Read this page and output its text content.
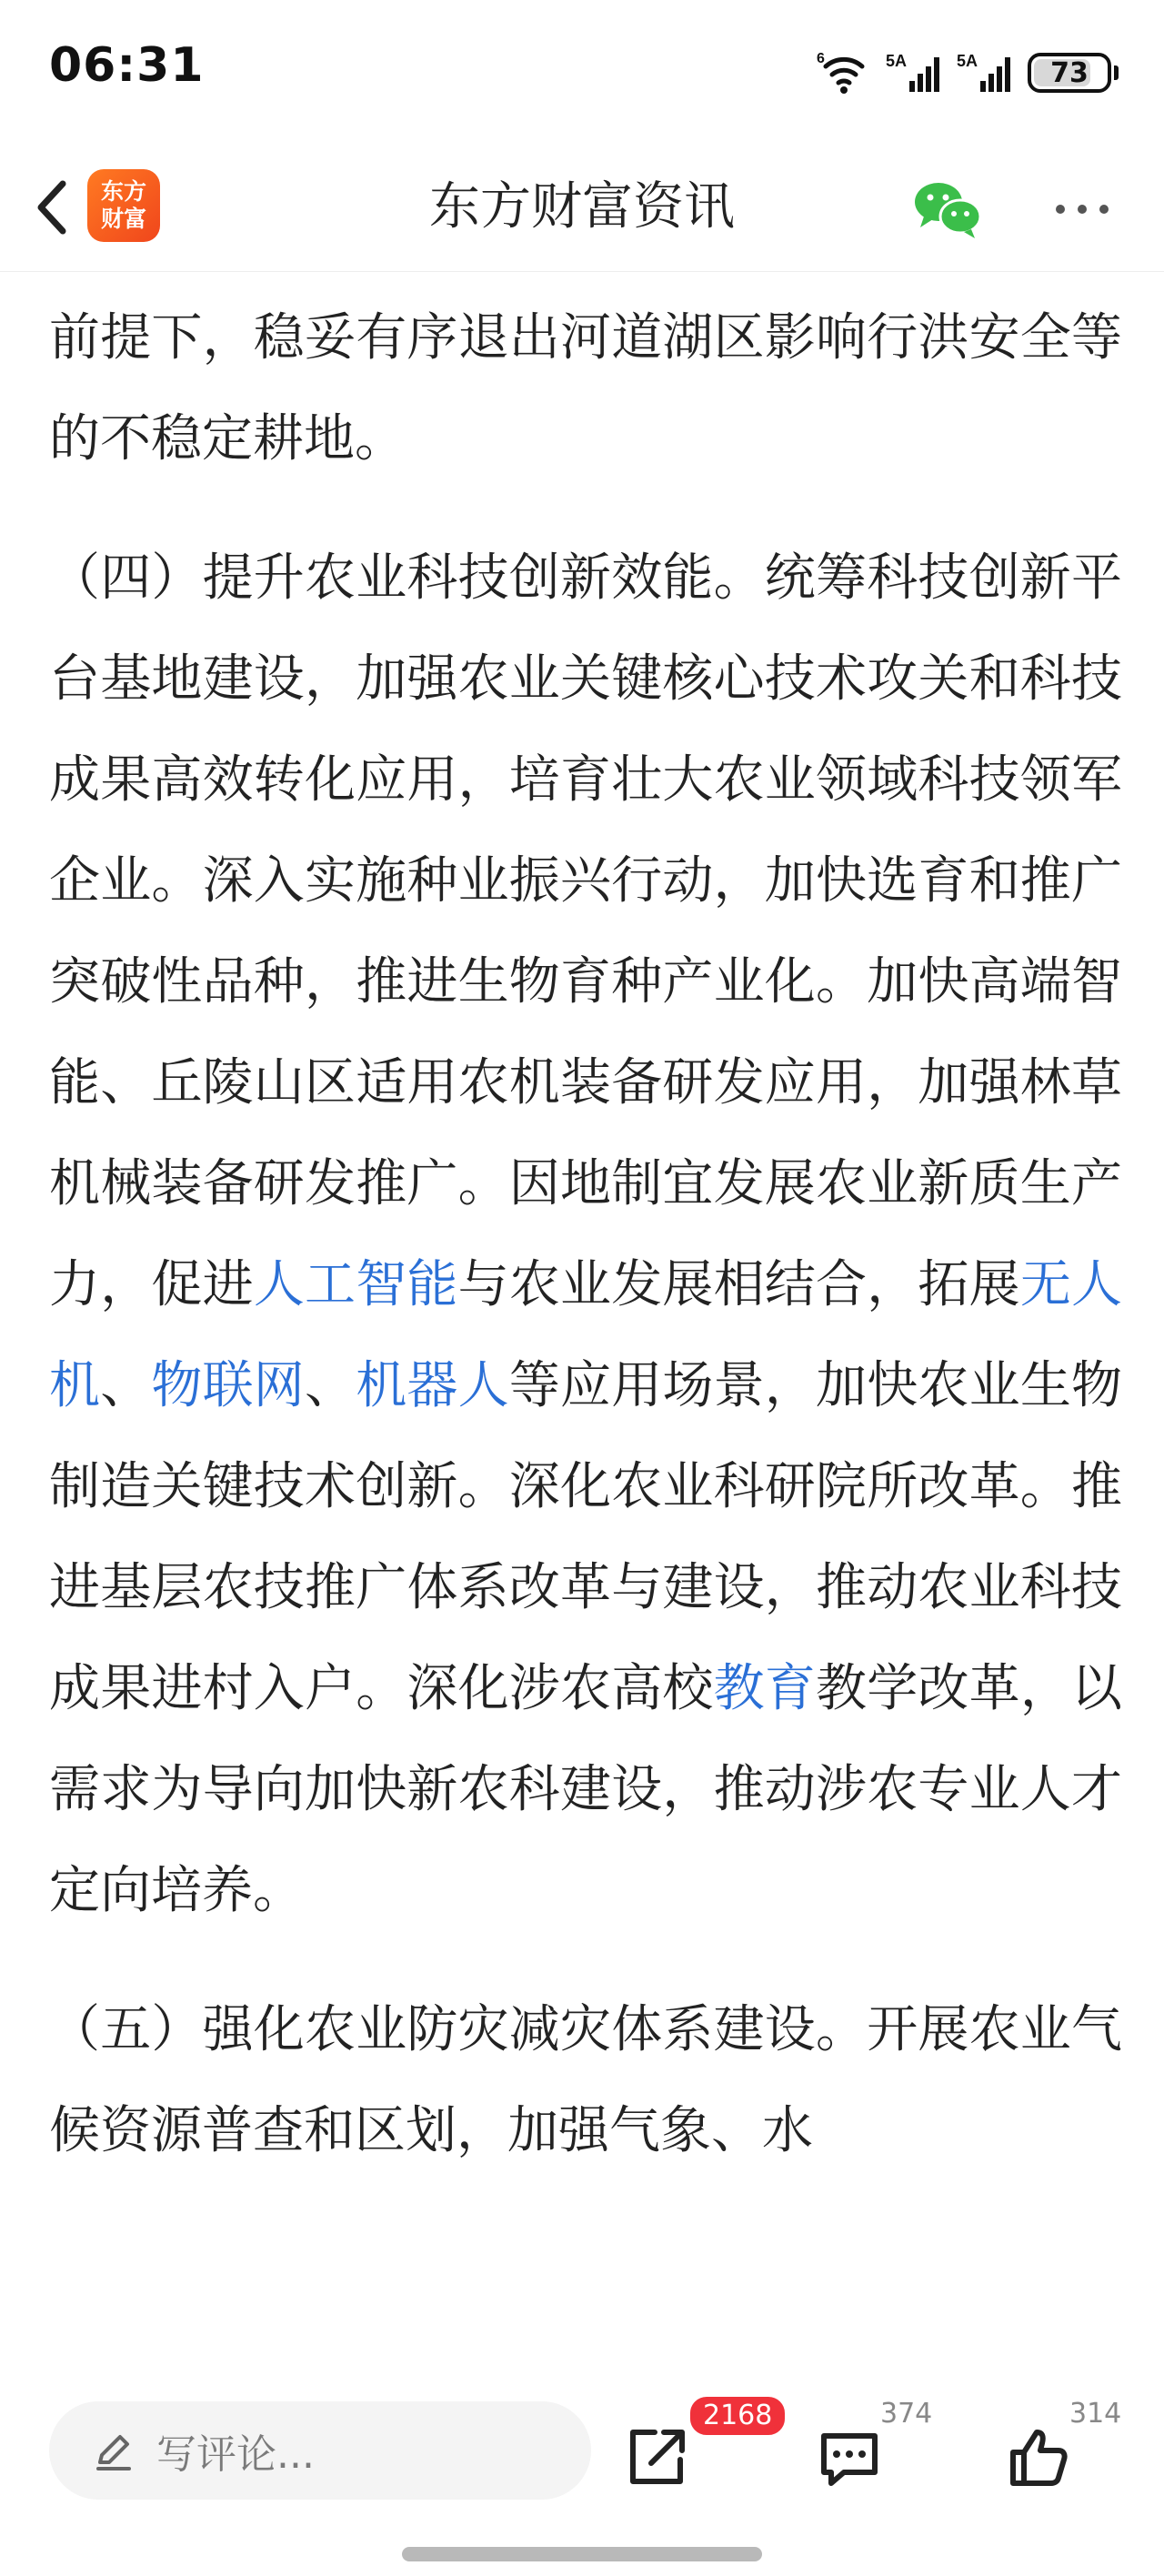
06:31	6	5A	5A	73
东方
财富	东方财富资讯

前提下，稳妥有序退出河道湖区影响行洪安全等的不稳定耕地。

（四）提升农业科技创新效能。统筹科技创新平台基地建设，加强农业关键核心技术攻关和科技成果高效转化应用，培育壮大农业领域科技领军企业。深入实施种业振兴行动，加快选育和推广突破性品种，推进生物育种产业化。加快高端智能、丘陵山区适用农机装备研发应用，加强林草机械装备研发推广。因地制宜发展农业新质生产力，促进人工智能与农业发展相结合，拓展无人机、物联网、机器人等应用场景，加快农业生物制造关键技术创新。深化农业科研院所改革。推进基层农技推广体系改革与建设，推动农业科技成果进村入户。深化涉农高校教育教学改革，以需求为导向加快新农科建设，推动涉农专业人才定向培养。

（五）强化农业防灾减灾体系建设。开展农业气候资源普查和区划，加强气象、水

写评论...
2168	374	314
